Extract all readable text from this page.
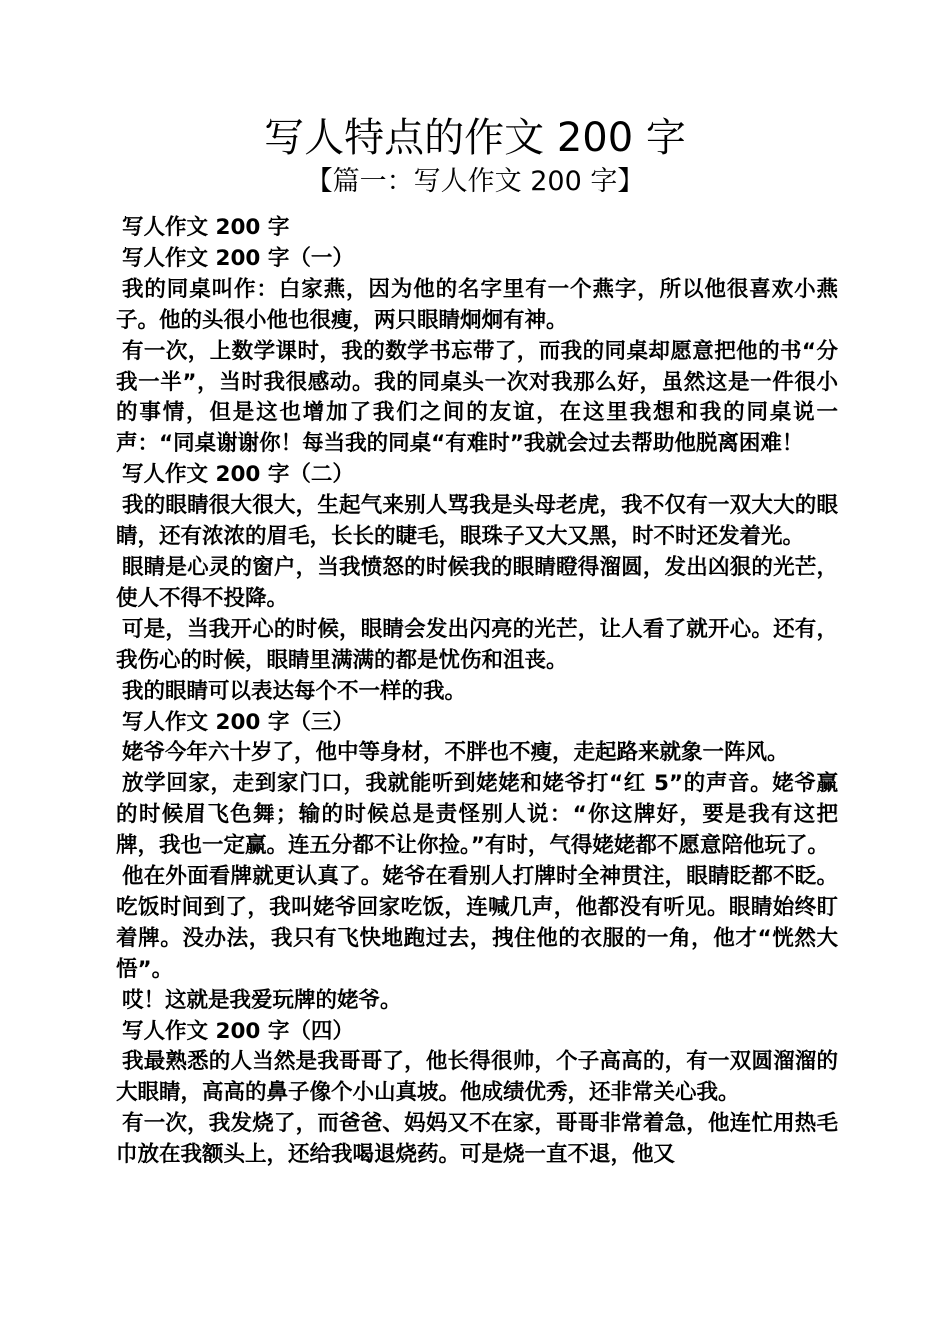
写人特点的作文 200 字
【篇一：写人作文 200 字】

写人作文 200 字

写人作文 200 字（一）

我的同桌叫作：白家燕，因为他的名字里有一个燕字，所以他很喜欢小燕子。他的头很小他也很瘦，两只眼睛炯炯有神。

有一次，上数学课时，我的数学书忘带了，而我的同桌却愿意把他的书“分我一半”，当时我很感动。我的同桌头一次对我那么好，虽然这是一件很小的事情，但是这也增加了我们之间的友谊，在这里我想和我的同桌说一声：“同桌谢谢你！每当我的同桌“有难时”我就会过去帮助他脱离困难！

写人作文 200 字（二）

我的眼睛很大很大，生起气来别人骂我是头母老虎，我不仅有一双大大的眼睛，还有浓浓的眉毛，长长的睫毛，眼珠子又大又黑，时不时还发着光。

眼睛是心灵的窗户，当我愤怒的时候我的眼睛瞪得溜圆，发出凶狠的光芒，使人不得不投降。

可是，当我开心的时候，眼睛会发出闪亮的光芒，让人看了就开心。还有，我伤心的时候，眼睛里满满的都是忧伤和沮丧。

我的眼睛可以表达每个不一样的我。

写人作文 200 字（三）

姥爷今年六十岁了，他中等身材，不胖也不瘦，走起路来就象一阵风。

放学回家，走到家门口，我就能听到姥姥和姥爷打“红 5”的声音。姥爷赢的时候眉飞色舞；输的时候总是责怪别人说：“你这牌好，要是我有这把牌，我也一定赢。连五分都不让你捡。”有时，气得姥姥都不愿意陪他玩了。

他在外面看牌就更认真了。姥爷在看别人打牌时全神贯注，眼睛眨都不眨。吃饭时间到了，我叫姥爷回家吃饭，连喊几声，他都没有听见。眼睛始终盯着牌。没办法，我只有飞快地跑过去，拽住他的衣服的一角，他才“恍然大悟”。

哎！这就是我爱玩牌的姥爷。

写人作文 200 字（四）

我最熟悉的人当然是我哥哥了，他长得很帅，个子高高的，有一双圆溜溜的大眼睛，高高的鼻子像个小山真坡。他成绩优秀，还非常关心我。

有一次，我发烧了，而爸爸、妈妈又不在家，哥哥非常着急，他连忙用热毛巾放在我额头上，还给我喝退烧药。可是烧一直不退，他又
